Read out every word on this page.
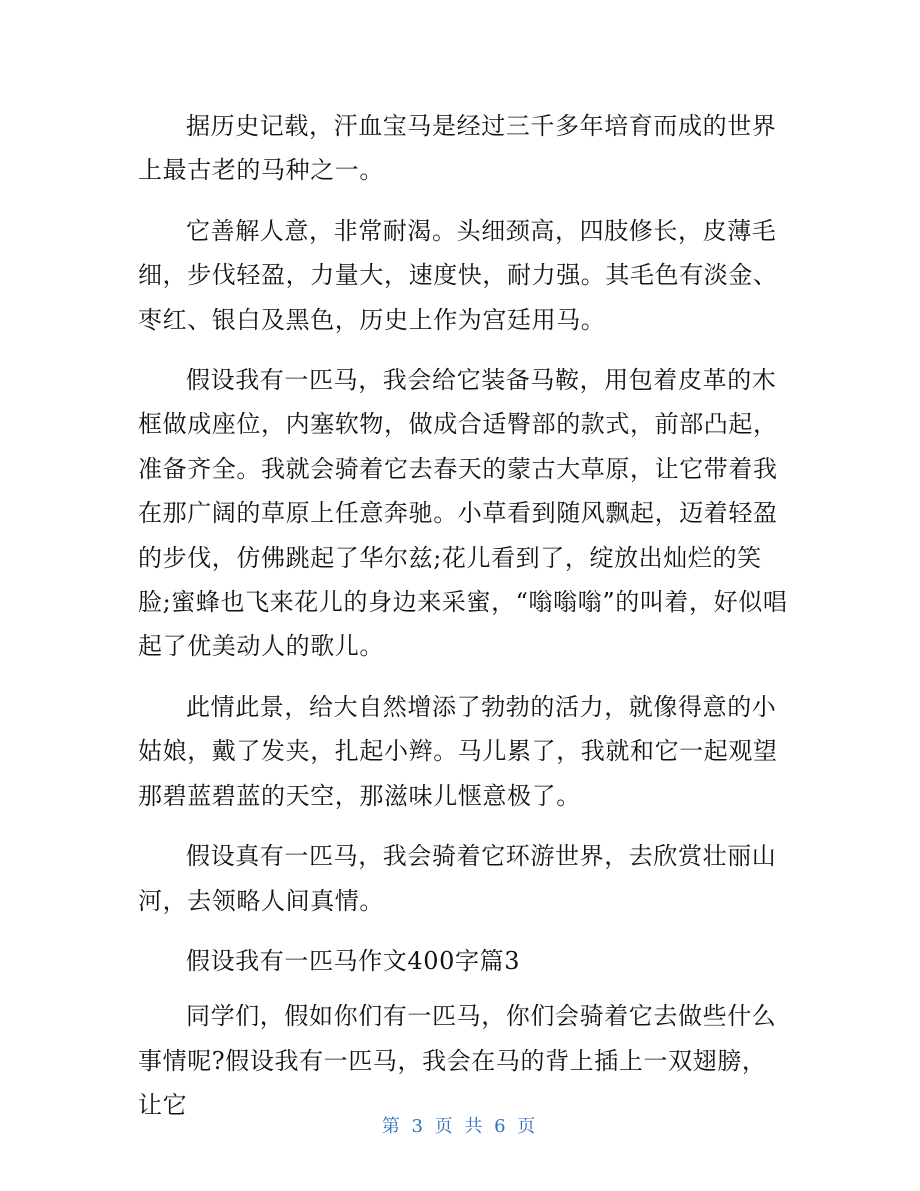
据历史记载，汗血宝马是经过三千多年培育而成的世界上最古老的马种之一。

它善解人意，非常耐渴。头细颈高，四肢修长，皮薄毛细，步伐轻盈，力量大，速度快，耐力强。其毛色有淡金、枣红、银白及黑色，历史上作为宫廷用马。

假设我有一匹马，我会给它装备马鞍，用包着皮革的木框做成座位，内塞软物，做成合适臀部的款式，前部凸起，准备齐全。我就会骑着它去春天的蒙古大草原，让它带着我在那广阔的草原上任意奔驰。小草看到随风飘起，迈着轻盈的步伐，仿佛跳起了华尔兹;花儿看到了，绽放出灿烂的笑脸;蜜蜂也飞来花儿的身边来采蜜，“嗡嗡嗡”的叫着，好似唱起了优美动人的歌儿。

此情此景，给大自然增添了勃勃的活力，就像得意的小姑娘，戴了发夹，扎起小辫。马儿累了，我就和它一起观望那碧蓝碧蓝的天空，那滋味儿惬意极了。

假设真有一匹马，我会骑着它环游世界，去欣赏壮丽山河，去领略人间真情。

假设我有一匹马作文400字篇3

同学们，假如你们有一匹马，你们会骑着它去做些什么事情呢?假设我有一匹马，我会在马的背上插上一双翅膀，让它

第 3 页 共 6 页
